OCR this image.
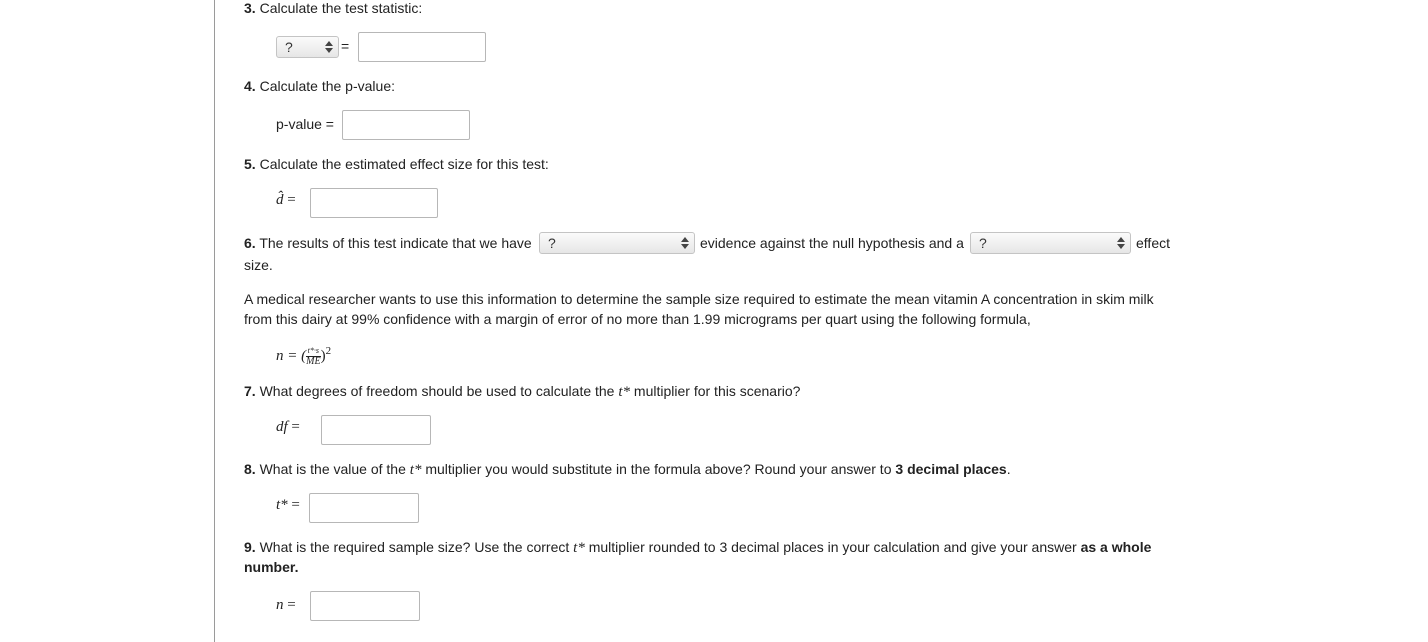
3. Calculate the test statistic:
?	=
4. Calculate the p-value:
p-value =
5. Calculate the estimated effect size for this test:
d̂ =
6. The results of this test indicate that we have	?	evidence against the null hypothesis and a	?	effect
size.
A medical researcher wants to use this information to determine the sample size required to estimate the mean vitamin A concentration in skim milk
from this dairy at 99% confidence with a margin of error of no more than 1.99 micrograms per quart using the following formula,
n = ( $\frac{t*\cdot s}{ME} )^2$
7. What degrees of freedom should be used to calculate the t* multiplier for this scenario?
df =
8. What is the value of the t* multiplier you would substitute in the formula above? Round your answer to 3 decimal places.
t* =
9. What is the required sample size? Use the correct t* multiplier rounded to 3 decimal places in your calculation and give your answer as a whole
number.
n =
